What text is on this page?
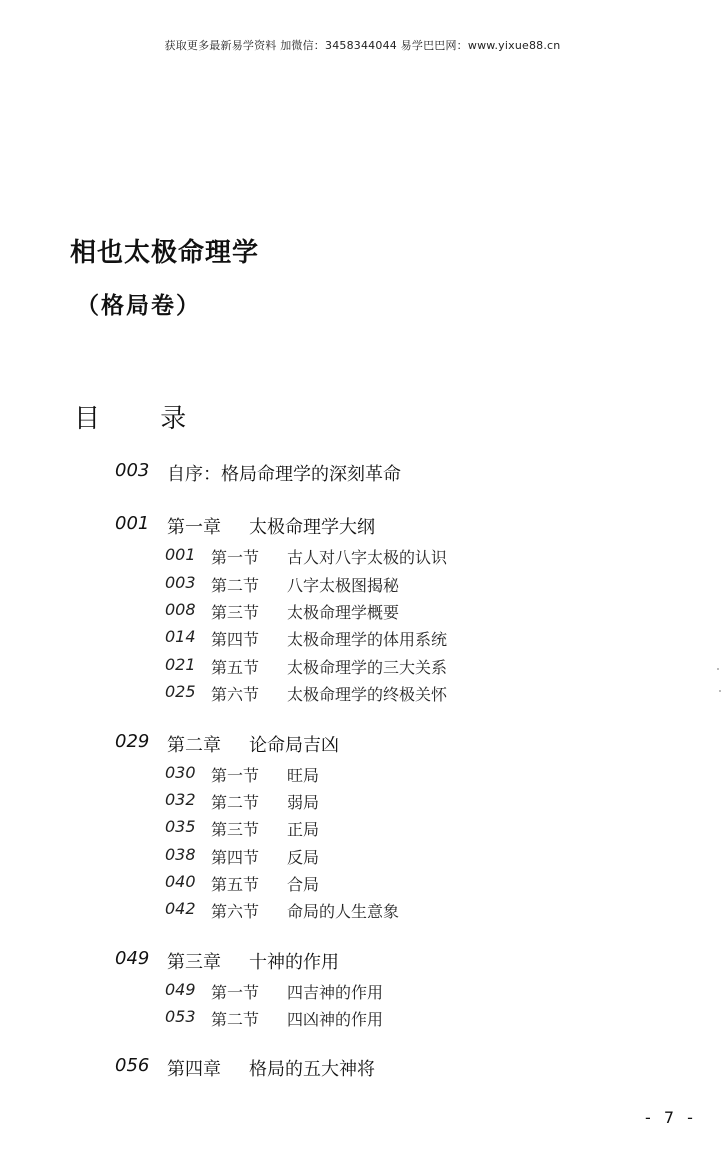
获取更多最新易学资料 加微信：3458344044 易学巴巴网：www.yixue88.cn
相也太极命理学
（格局卷）
目 录
003 自序：格局命理学的深刻革命
001 第一章 太极命理学大纲
001 第一节 古人对八字太极的认识
003 第二节 八字太极图揭秘
008 第三节 太极命理学概要
014 第四节 太极命理学的体用系统
021 第五节 太极命理学的三大关系
025 第六节 太极命理学的终极关怀
029 第二章 论命局吉凶
030 第一节 旺局
032 第二节 弱局
035 第三节 正局
038 第四节 反局
040 第五节 合局
042 第六节 命局的人生意象
049 第三章 十神的作用
049 第一节 四吉神的作用
053 第二节 四凶神的作用
056 第四章 格局的五大神将
- 7 -
